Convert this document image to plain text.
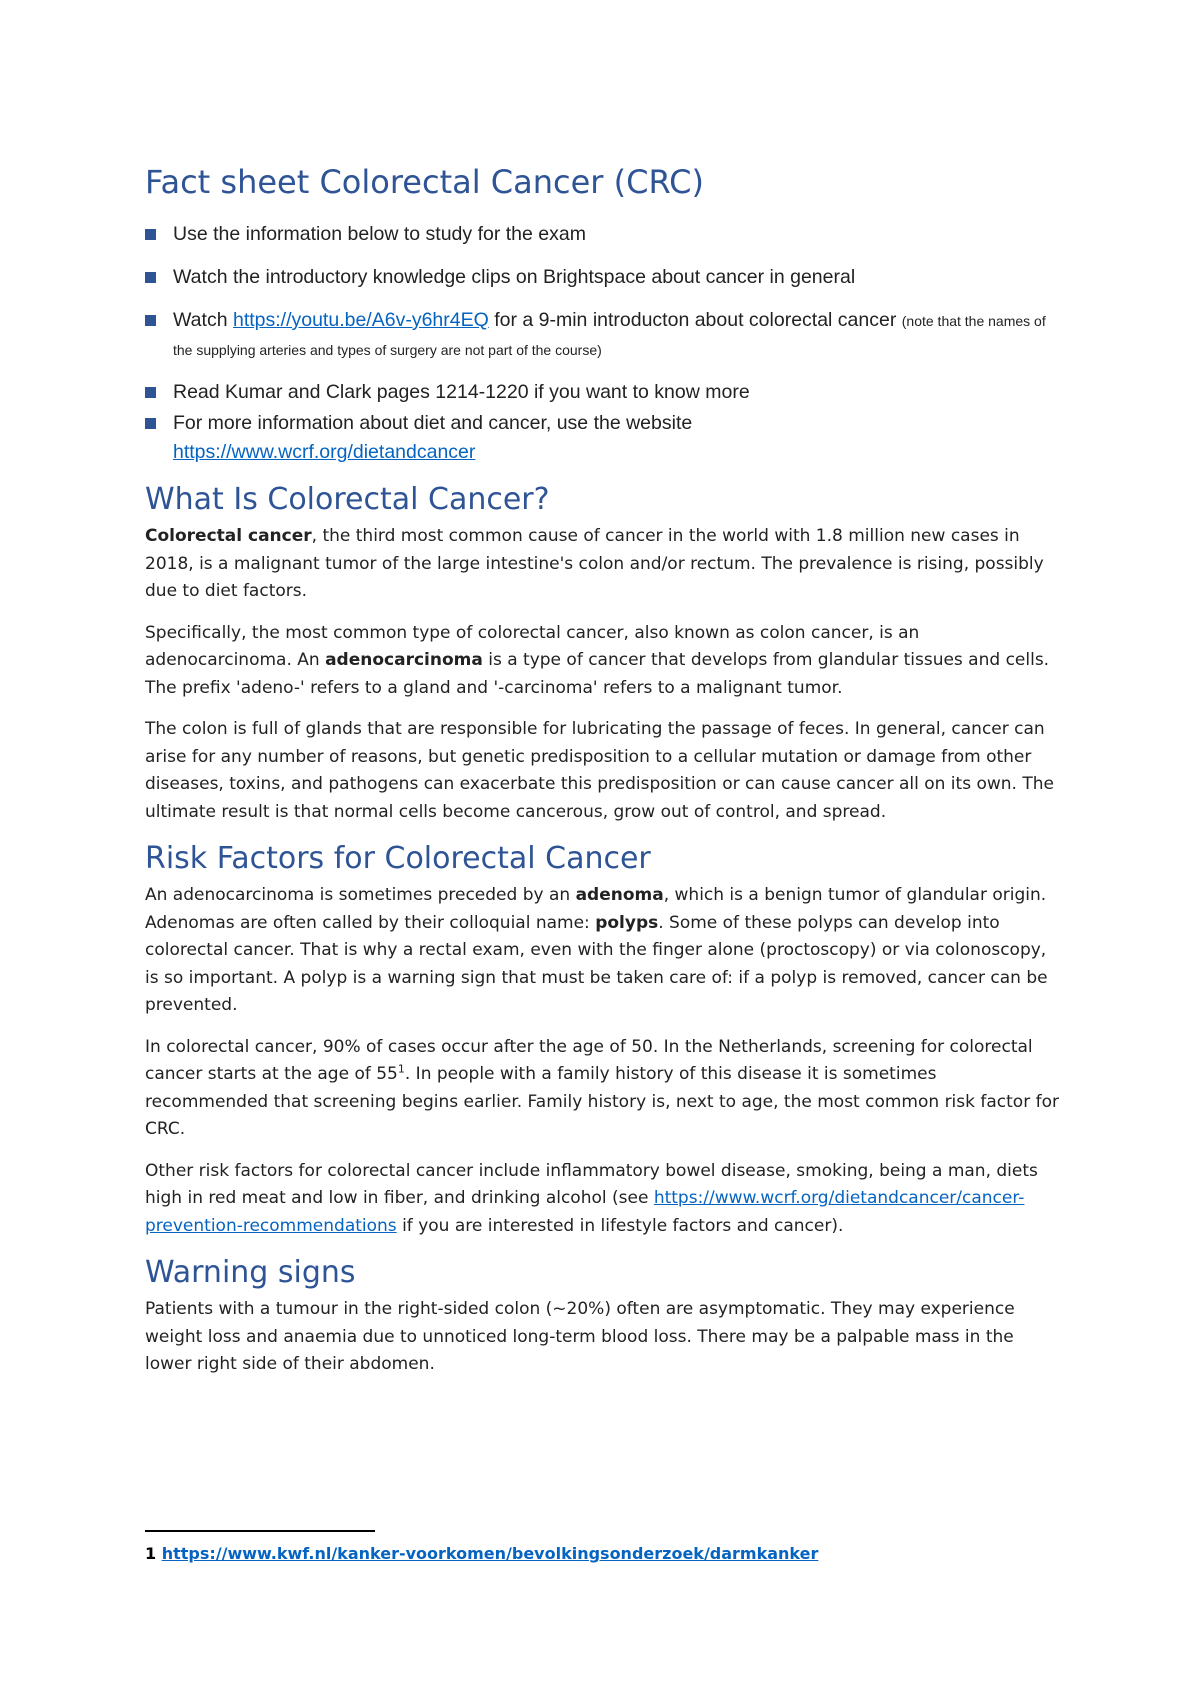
Fact sheet Colorectal Cancer (CRC)
Use the information below to study for the exam
Watch the introductory knowledge clips on Brightspace about cancer in general
Watch https://youtu.be/A6v-y6hr4EQ for a 9-min introducton about colorectal cancer (note that the names of the supplying arteries and types of surgery are not part of the course)
Read Kumar and Clark pages 1214-1220 if you want to know more
For more information about diet and cancer, use the website
https://www.wcrf.org/dietandcancer
What Is Colorectal Cancer?

Colorectal cancer, the third most common cause of cancer in the world with 1.8 million new cases in 2018, is a malignant tumor of the large intestine's colon and/or rectum. The prevalence is rising, possibly due to diet factors.

Specifically, the most common type of colorectal cancer, also known as colon cancer, is an adenocarcinoma. An adenocarcinoma is a type of cancer that develops from glandular tissues and cells. The prefix 'adeno-' refers to a gland and '-carcinoma' refers to a malignant tumor.

The colon is full of glands that are responsible for lubricating the passage of feces. In general, cancer can arise for any number of reasons, but genetic predisposition to a cellular mutation or damage from other diseases, toxins, and pathogens can exacerbate this predisposition or can cause cancer all on its own. The ultimate result is that normal cells become cancerous, grow out of control, and spread.

Risk Factors for Colorectal Cancer

An adenocarcinoma is sometimes preceded by an adenoma, which is a benign tumor of glandular origin. Adenomas are often called by their colloquial name: polyps. Some of these polyps can develop into colorectal cancer. That is why a rectal exam, even with the finger alone (proctoscopy) or via colonoscopy, is so important. A polyp is a warning sign that must be taken care of: if a polyp is removed, cancer can be prevented.

In colorectal cancer, 90% of cases occur after the age of 50. In the Netherlands, screening for colorectal cancer starts at the age of $55^1$. In people with a family history of this disease it is sometimes recommended that screening begins earlier. Family history is, next to age, the most common risk factor for CRC.

Other risk factors for colorectal cancer include inflammatory bowel disease, smoking, being a man, diets high in red meat and low in fiber, and drinking alcohol (see https://www.wcrf.org/dietandcancer/cancer-prevention-recommendations if you are interested in lifestyle factors and cancer).

Warning signs

Patients with a tumour in the right-sided colon (~20%) often are asymptomatic. They may experience weight loss and anaemia due to unnoticed long-term blood loss. There may be a palpable mass in the lower right side of their abdomen.

1 https://www.kwf.nl/kanker-voorkomen/bevolkingsonderzoek/darmkanker
